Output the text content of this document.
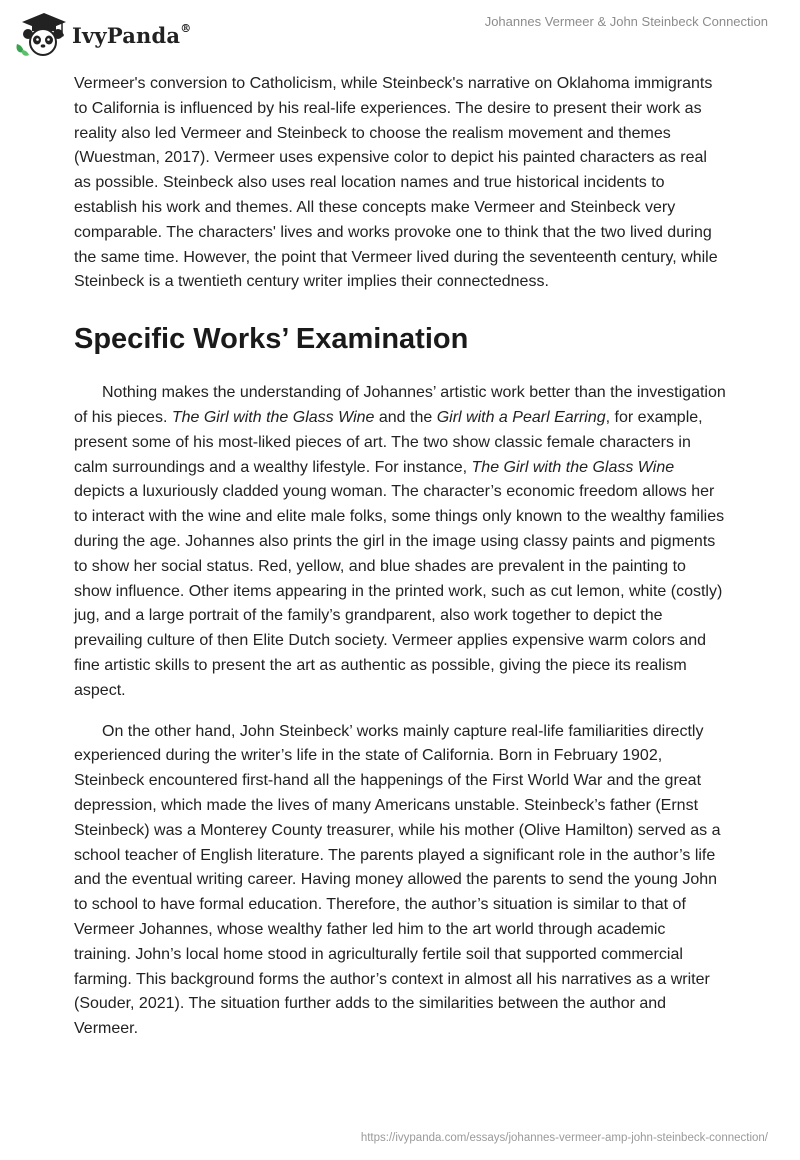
IvyPanda®	Johannes Vermeer & John Steinbeck Connection

Vermeer's conversion to Catholicism, while Steinbeck's narrative on Oklahoma immigrants to California is influenced by his real-life experiences. The desire to present their work as reality also led Vermeer and Steinbeck to choose the realism movement and themes (Wuestman, 2017). Vermeer uses expensive color to depict his painted characters as real as possible. Steinbeck also uses real location names and true historical incidents to establish his work and themes. All these concepts make Vermeer and Steinbeck very comparable. The characters' lives and works provoke one to think that the two lived during the same time. However, the point that Vermeer lived during the seventeenth century, while Steinbeck is a twentieth century writer implies their connectedness.

Specific Works’ Examination

Nothing makes the understanding of Johannes’ artistic work better than the investigation of his pieces. The Girl with the Glass Wine and the Girl with a Pearl Earring, for example, present some of his most-liked pieces of art. The two show classic female characters in calm surroundings and a wealthy lifestyle. For instance, The Girl with the Glass Wine depicts a luxuriously cladded young woman. The character’s economic freedom allows her to interact with the wine and elite male folks, some things only known to the wealthy families during the age. Johannes also prints the girl in the image using classy paints and pigments to show her social status. Red, yellow, and blue shades are prevalent in the painting to show influence. Other items appearing in the printed work, such as cut lemon, white (costly) jug, and a large portrait of the family’s grandparent, also work together to depict the prevailing culture of then Elite Dutch society. Vermeer applies expensive warm colors and fine artistic skills to present the art as authentic as possible, giving the piece its realism aspect.

On the other hand, John Steinbeck’ works mainly capture real-life familiarities directly experienced during the writer’s life in the state of California. Born in February 1902, Steinbeck encountered first-hand all the happenings of the First World War and the great depression, which made the lives of many Americans unstable. Steinbeck’s father (Ernst Steinbeck) was a Monterey County treasurer, while his mother (Olive Hamilton) served as a school teacher of English literature. The parents played a significant role in the author’s life and the eventual writing career. Having money allowed the parents to send the young John to school to have formal education. Therefore, the author’s situation is similar to that of Vermeer Johannes, whose wealthy father led him to the art world through academic training. John’s local home stood in agriculturally fertile soil that supported commercial farming. This background forms the author’s context in almost all his narratives as a writer (Souder, 2021). The situation further adds to the similarities between the author and Vermeer.

https://ivypanda.com/essays/johannes-vermeer-amp-john-steinbeck-connection/
